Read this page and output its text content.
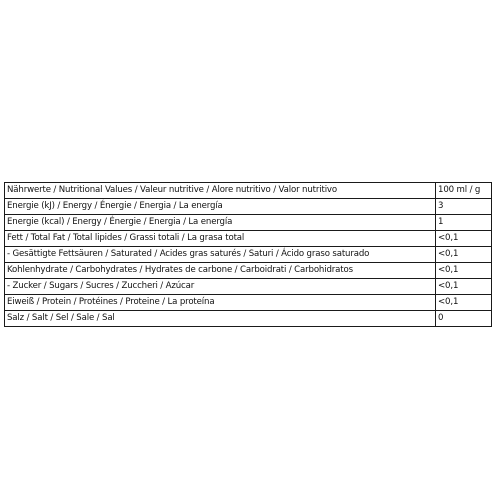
Nährwerte / Nutritional Values / Valeur nutritive / Alore nutritivo / Valor nutritivo	100 ml / g
Energie (kJ) / Energy / Énergie / Energia / La energía	3
Energie (kcal) / Energy / Énergie / Energia / La energía	1
Fett / Total Fat / Total lipides / Grassi totali / La grasa total	<0,1
- Gesättigte Fettsäuren / Saturated / Acides gras saturés / Saturi / Ácido graso saturado	<0,1
Kohlenhydrate / Carbohydrates / Hydrates de carbone / Carboidrati / Carbohidratos	<0,1
- Zucker / Sugars / Sucres / Zuccheri / Azúcar	<0,1
Eiweiß / Protein / Protéines / Proteine / La proteína	<0,1
Salz / Salt / Sel / Sale / Sal	0
